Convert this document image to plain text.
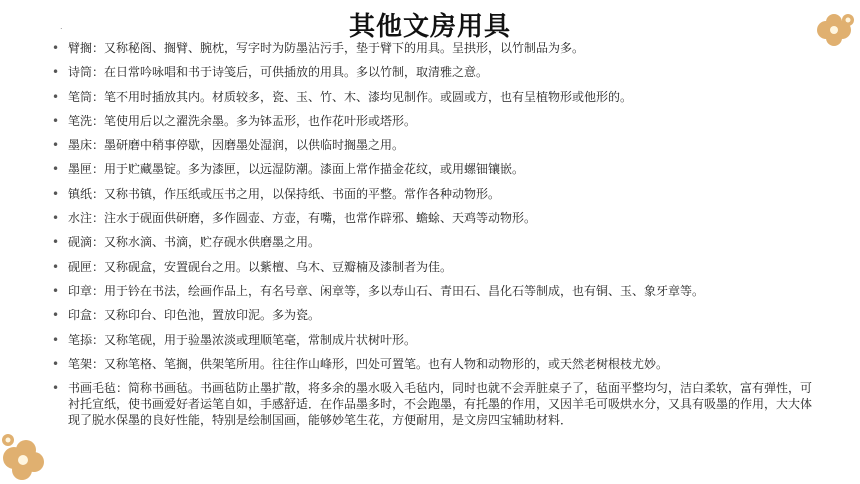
其他文房用具
.
• 臂搁：又称秘阁、搁臂、腕枕，写字时为防墨沾污手，垫于臂下的用具。呈拱形，以竹制品为多。
• 诗筒：在日常吟咏唱和书于诗笺后，可供插放的用具。多以竹制，取清雅之意。
• 笔筒：笔不用时插放其内。材质较多，瓷、玉、竹、木、漆均见制作。或圆或方，也有呈植物形或他形的。
• 笔洗：笔使用后以之濯洗余墨。多为钵盂形，也作花叶形或塔形。
• 墨床：墨研磨中稍事停歇，因磨墨处湿润，以供临时搁墨之用。
• 墨匣：用于贮藏墨锭。多为漆匣，以远湿防潮。漆面上常作描金花纹，或用螺钿镶嵌。
• 镇纸：又称书镇，作压纸或压书之用，以保持纸、书面的平整。常作各种动物形。
• 水注：注水于砚面供研磨，多作圆壶、方壶，有嘴，也常作辟邪、蟾蜍、天鸡等动物形。
• 砚滴：又称水滴、书滴，贮存砚水供磨墨之用。
• 砚匣：又称砚盒，安置砚台之用。以紫檀、乌木、豆瓣楠及漆制者为佳。
• 印章：用于钤在书法，绘画作品上，有名号章、闲章等，多以寿山石、青田石、昌化石等制成，也有铜、玉、象牙章等。
• 印盒：又称印台、印色池，置放印泥。多为瓷。
• 笔掭：又称笔砚，用于验墨浓淡或理顺笔毫，常制成片状树叶形。
• 笔架：又称笔格、笔搁，供架笔所用。往往作山峰形，凹处可置笔。也有人物和动物形的，或天然老树根枝尤妙。
• 书画毛毡：简称书画毡。书画毡防止墨扩散，将多余的墨水吸入毛毡内，同时也就不会弄脏桌子了，毡面平整均匀，洁白柔软，富有弹性，可衬托宣纸，使书画爱好者运笔自如，手感舒适．在作品墨多时，不会跑墨，有托墨的作用，又因羊毛可吸烘水分，又具有吸墨的作用，大大体现了脱水保墨的良好性能，特别是绘制国画，能够妙笔生花，方便耐用，是文房四宝辅助材料．
